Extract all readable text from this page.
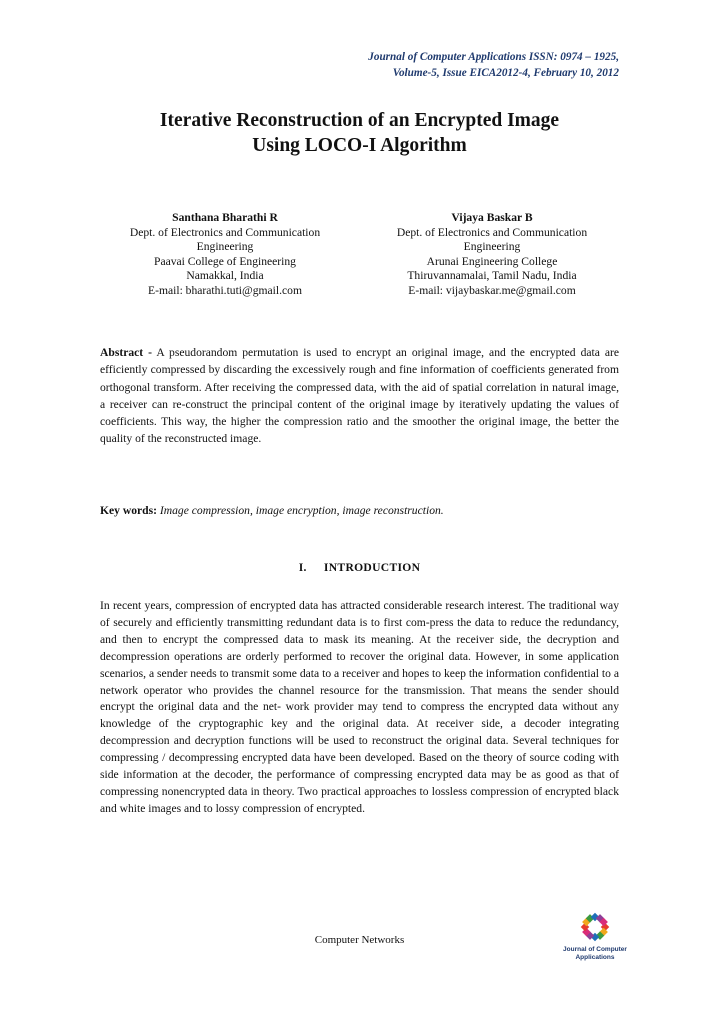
Journal of Computer Applications ISSN: 0974 – 1925,
Volume-5, Issue EICA2012-4, February 10, 2012
Iterative Reconstruction of an Encrypted Image
Using LOCO-I Algorithm
Santhana Bharathi R
Dept. of Electronics and Communication
Engineering
Paavai College of Engineering
Namakkal, India
E-mail: bharathi.tuti@gmail.com
Vijaya Baskar B
Dept. of Electronics and Communication
Engineering
Arunai Engineering College
Thiruvannamalai, Tamil Nadu, India
E-mail: vijaybaskar.me@gmail.com
Abstract - A pseudorandom permutation is used to encrypt an original image, and the encrypted data are efficiently compressed by discarding the excessively rough and fine information of coefficients generated from orthogonal transform. After receiving the compressed data, with the aid of spatial correlation in natural image, a receiver can re-construct the principal content of the original image by iteratively updating the values of coefficients. This way, the higher the compression ratio and the smoother the original image, the better the quality of the reconstructed image.
Key words: Image compression, image encryption, image reconstruction.
I. INTRODUCTION
In recent years, compression of encrypted data has attracted considerable research interest. The traditional way of securely and efficiently transmitting redundant data is to first com-press the data to reduce the redundancy, and then to encrypt the compressed data to mask its meaning. At the receiver side, the decryption and decompression operations are orderly performed to recover the original data. However, in some application scenarios, a sender needs to transmit some data to a receiver and hopes to keep the information confidential to a network operator who provides the channel resource for the transmission. That means the sender should encrypt the original data and the net- work provider may tend to compress the encrypted data without any knowledge of the cryptographic key and the original data. At receiver side, a decoder integrating decompression and decryption functions will be used to reconstruct the original data. Several techniques for compressing / decompressing encrypted data have been developed. Based on the theory of source coding with side information at the decoder, the performance of compressing encrypted data may be as good as that of compressing nonencrypted data in theory. Two practical approaches to lossless compression of encrypted black and white images and to lossy compression of encrypted.
Computer Networks
Journal of Computer
Applications
